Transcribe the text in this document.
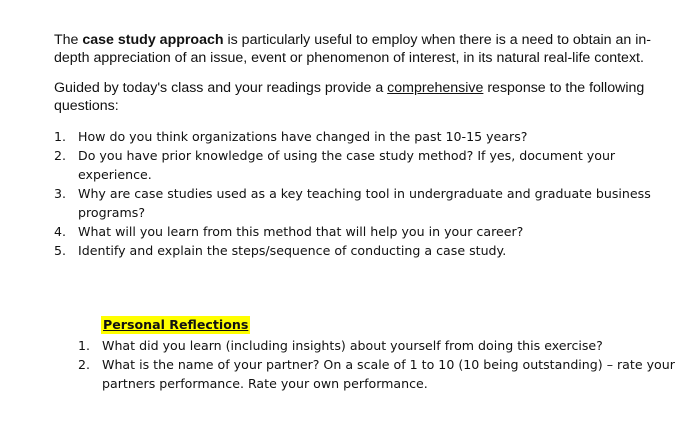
The case study approach is particularly useful to employ when there is a need to obtain an in-depth appreciation of an issue, event or phenomenon of interest, in its natural real-life context.

Guided by today's class and your readings provide a comprehensive response to the following questions:

1. How do you think organizations have changed in the past 10-15 years?
2. Do you have prior knowledge of using the case study method? If yes, document your experience.
3. Why are case studies used as a key teaching tool in undergraduate and graduate business programs?
4. What will you learn from this method that will help you in your career?
5. Identify and explain the steps/sequence of conducting a case study.

Personal Reflections

1. What did you learn (including insights) about yourself from doing this exercise?
2. What is the name of your partner? On a scale of 1 to 10 (10 being outstanding) – rate your partners performance. Rate your own performance.
